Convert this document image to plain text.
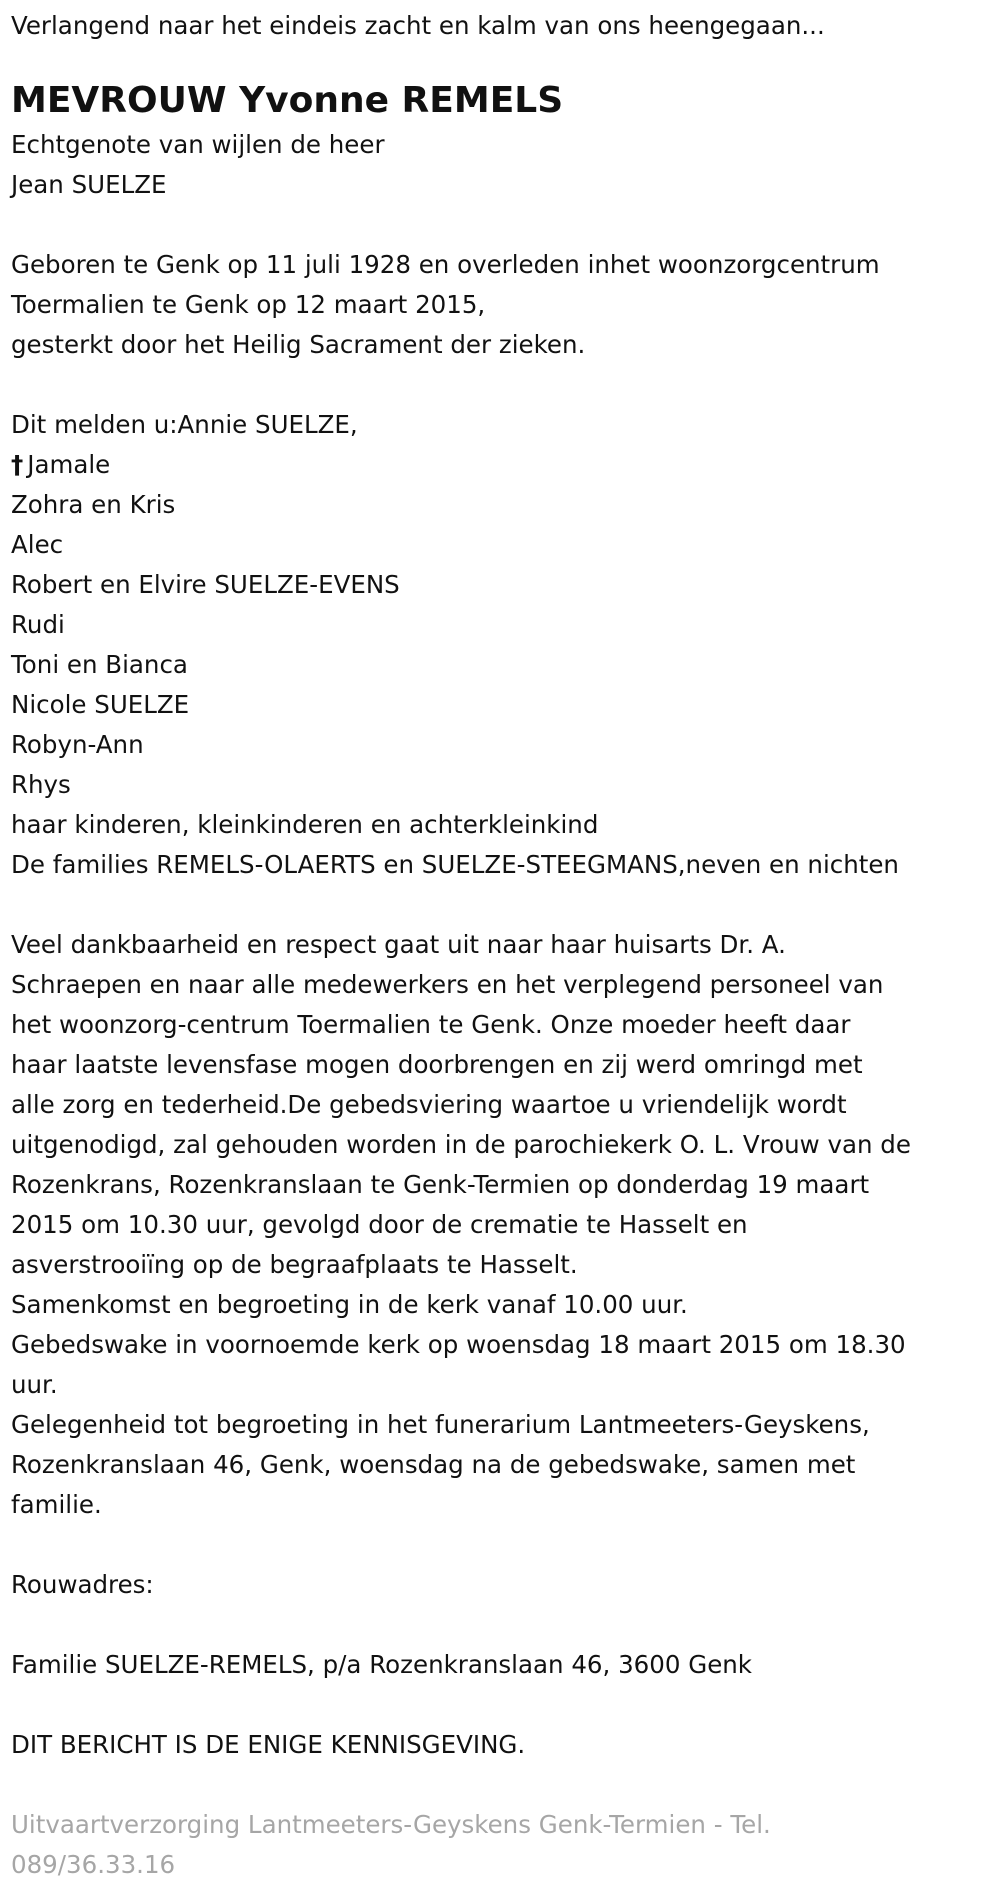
Verlangend naar het eindeis zacht en kalm van ons heengegaan...
MEVROUW Yvonne REMELS
Echtgenote van wijlen de heer
Jean SUELZE
Geboren te Genk op 11 juli 1928 en overleden inhet woonzorgcentrum
Toermalien te Genk op 12 maart 2015,
gesterkt door het Heilig Sacrament der zieken.
Dit melden u:Annie SUELZE,
† Jamale
Zohra en Kris
Alec
Robert en Elvire SUELZE-EVENS
Rudi
Toni en Bianca
Nicole SUELZE
Robyn-Ann
Rhys
haar kinderen, kleinkinderen en achterkleinkind
De families REMELS-OLAERTS en SUELZE-STEEGMANS,neven en nichten
Veel dankbaarheid en respect gaat uit naar haar huisarts Dr. A.
Schraepen en naar alle medewerkers en het verplegend personeel van
het woonzorg-centrum Toermalien te Genk. Onze moeder heeft daar
haar laatste levensfase mogen doorbrengen en zij werd omringd met
alle zorg en tederheid.De gebedsviering waartoe u vriendelijk wordt
uitgenodigd, zal gehouden worden in de parochiekerk O. L. Vrouw van de
Rozenkrans, Rozenkranslaan te Genk-Termien op donderdag 19 maart
2015 om 10.30 uur, gevolgd door de crematie te Hasselt en
asverstrooiïng op de begraafplaats te Hasselt.
Samenkomst en begroeting in de kerk vanaf 10.00 uur.
Gebedswake in voornoemde kerk op woensdag 18 maart 2015 om 18.30
uur.
Gelegenheid tot begroeting in het funerarium Lantmeeters-Geyskens,
Rozenkranslaan 46, Genk, woensdag na de gebedswake, samen met
familie.
Rouwadres:
Familie SUELZE-REMELS, p/a Rozenkranslaan 46, 3600 Genk
DIT BERICHT IS DE ENIGE KENNISGEVING.
Uitvaartverzorging Lantmeeters-Geyskens Genk-Termien - Tel.
089/36.33.16
